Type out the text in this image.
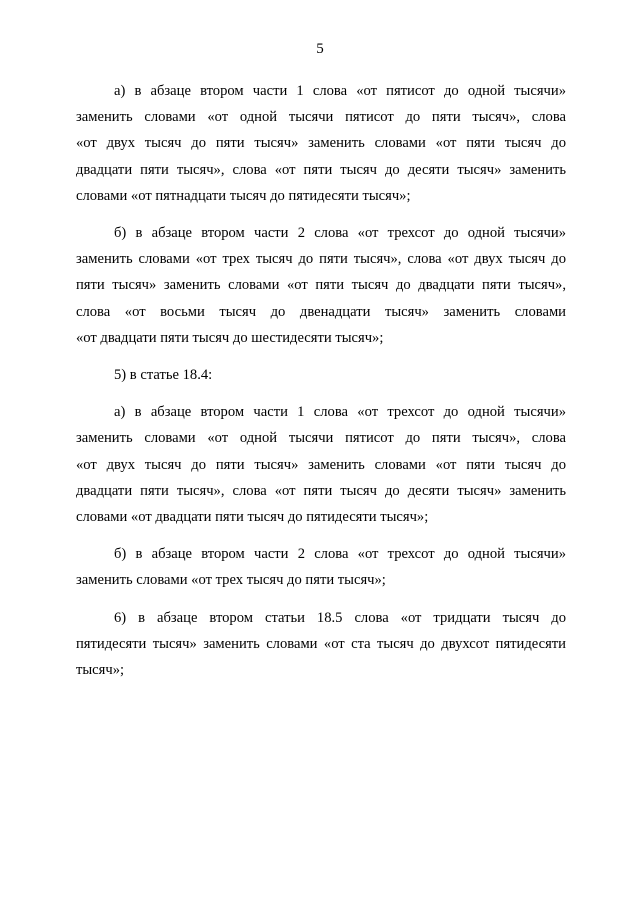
5

а) в абзаце втором части 1 слова «от пятисот до одной тысячи»
заменить словами «от одной тысячи пятисот до пяти тысяч», слова
«от двух тысяч до пяти тысяч» заменить словами «от пяти тысяч до
двадцати пяти тысяч», слова «от пяти тысяч до десяти тысяч» заменить
словами «от пятнадцати тысяч до пятидесяти тысяч»;

б) в абзаце втором части 2 слова «от трехсот до одной тысячи»
заменить словами «от трех тысяч до пяти тысяч», слова «от двух тысяч до
пяти тысяч» заменить словами «от пяти тысяч до двадцати пяти тысяч»,
слова «от восьми тысяч до двенадцати тысяч» заменить словами
«от двадцати пяти тысяч до шестидесяти тысяч»;

5) в статье 18.4:

а) в абзаце втором части 1 слова «от трехсот до одной тысячи»
заменить словами «от одной тысячи пятисот до пяти тысяч», слова
«от двух тысяч до пяти тысяч» заменить словами «от пяти тысяч до
двадцати пяти тысяч», слова «от пяти тысяч до десяти тысяч» заменить
словами «от двадцати пяти тысяч до пятидесяти тысяч»;

б) в абзаце втором части 2 слова «от трехсот до одной тысячи»
заменить словами «от трех тысяч до пяти тысяч»;

6) в абзаце втором статьи 18.5 слова «от тридцати тысяч до
пятидесяти тысяч» заменить словами «от ста тысяч до двухсот пятидесяти
тысяч»;
